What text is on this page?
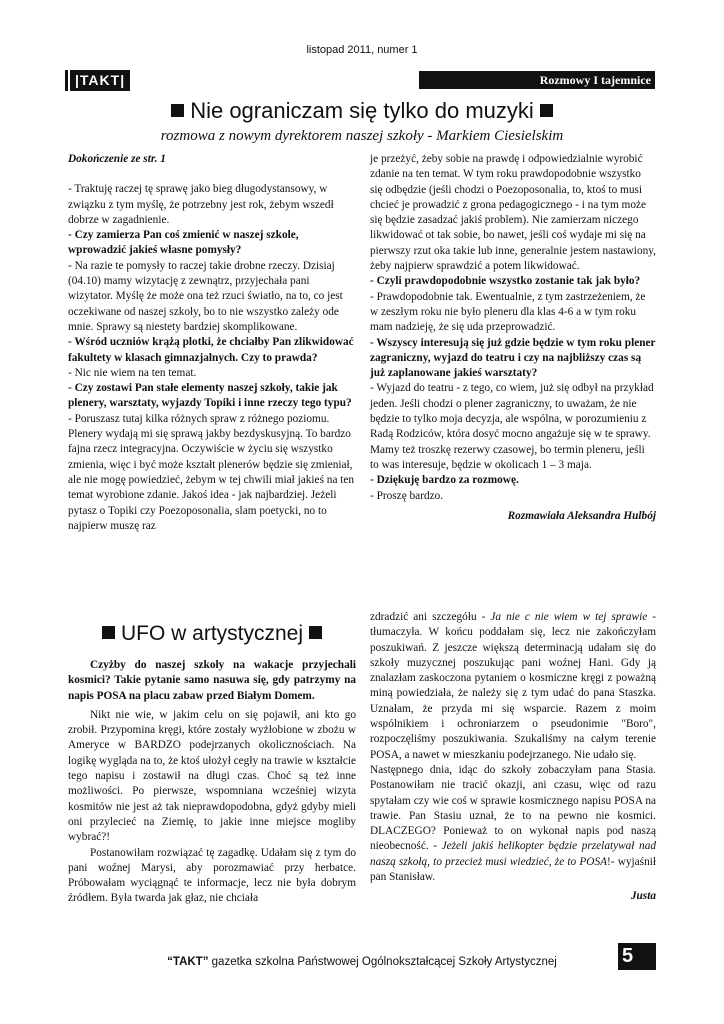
listopad 2011, numer 1
|TAKT|	Rozmowy I tajemnice
Nie ograniczam się tylko do muzyki
rozmowa z nowym dyrektorem naszej szkoły - Markiem Ciesielskim

Dokończenie ze str. 1

- Traktuję raczej tę sprawę jako bieg długodystansowy, w związku z tym myślę, że potrzebny jest rok, żebym wszedł dobrze w zagadnienie.

- Czy zamierza Pan coś zmienić w naszej szkole, wprowadzić jakieś własne pomysły?

- Na razie te pomysły to raczej takie drobne rzeczy. Dzisiaj (04.10) mamy wizytację z zewnątrz, przyjechała pani wizytator. Myślę że może ona też rzuci światło, na to, co jest oczekiwane od naszej szkoły, bo to nie wszystko zależy ode mnie. Sprawy są niestety bardziej skomplikowane.

- Wśród uczniów krążą plotki, że chciałby Pan zlikwidować fakultety w klasach gimnazjalnych. Czy to prawda?

- Nic nie wiem na ten temat.

- Czy zostawi Pan stałe elementy naszej szkoły, takie jak plenery, warsztaty, wyjazdy Topiki i inne rzeczy tego typu?

- Poruszasz tutaj kilka różnych spraw z różnego poziomu. Plenery wydają mi się sprawą jakby bezdyskusyjną. To bardzo fajna rzecz integracyjna. Oczywiście w życiu się wszystko zmienia, więc i być może kształt plenerów będzie się zmieniał, ale nie mogę powiedzieć, żebym w tej chwili miał jakieś na ten temat wyrobione zdanie. Jakoś idea - jak najbardziej. Jeżeli pytasz o Topiki czy Poezoposonalia, slam poetycki, no to najpierw muszę raz

je przeżyć, żeby sobie na prawdę i odpowiedzialnie wyrobić zdanie na ten temat. W tym roku prawdopodobnie wszystko się odbędzie (jeśli chodzi o Poezoposonalia, to, ktoś to musi chcieć je prowadzić z grona pedagogicznego - i na tym może się będzie zasadzać jakiś problem). Nie zamierzam niczego likwidować ot tak sobie, bo nawet, jeśli coś wydaje mi się na pierwszy rzut oka takie lub inne, generalnie jestem nastawiony, żeby najpierw sprawdzić a potem likwidować.

- Czyli prawdopodobnie wszystko zostanie tak jak było?

- Prawdopodobnie tak. Ewentualnie, z tym zastrzeżeniem, że w zeszłym roku nie było pleneru dla klas 4-6 a w tym roku mam nadzieję, że się uda przeprowadzić.

- Wszyscy interesują się już gdzie będzie w tym roku plener zagraniczny, wyjazd do teatru i czy na najbliższy czas są już zaplanowane jakieś warsztaty?

- Wyjazd do teatru - z tego, co wiem, już się odbył na przykład jeden. Jeśli chodzi o plener zagraniczny, to uważam, że nie będzie to tylko moja decyzja, ale wspólna, w porozumieniu z Radą Rodziców, która dosyć mocno angażuje się w te sprawy. Mamy też troszkę rezerwy czasowej, bo termin pleneru, jeśli to was interesuje, będzie w okolicach 1 – 3 maja.

- Dziękuję bardzo za rozmowę.

- Proszę bardzo.

Rozmawiała Aleksandra Hulbój

UFO w artystycznej

Czyżby do naszej szkoły na wakacje przyjechali kosmici? Takie pytanie samo nasuwa się, gdy patrzymy na napis POSA na placu zabaw przed Białym Domem.

Nikt nie wie, w jakim celu on się pojawił, ani kto go zrobił. Przypomina kręgi, które zostały wyżłobione w zbożu w Ameryce w BARDZO podejrzanych okolicznościach. Na logikę wygląda na to, że ktoś ułożył cegły na trawie w kształcie tego napisu i zostawił na długi czas. Choć są też inne możliwości. Po pierwsze, wspomniana wcześniej wizyta kosmitów nie jest aż tak nieprawdopodobna, gdyż gdyby mieli oni przylecieć na Ziemię, to jakie inne miejsce mogliby wybrać?!

Postanowiłam rozwiązać tę zagadkę. Udałam się z tym do pani woźnej Marysi, aby porozmawiać przy herbatce. Próbowałam wyciągnąć te informacje, lecz nie była dobrym źródłem. Była twarda jak głaz, nie chciała

zdradzić ani szczegółu - Ja nie c nie wiem w tej sprawie - tłumaczyła. W końcu poddałam się, lecz nie zakończyłam poszukiwań. Z jeszcze większą determinacją udałam się do szkoły muzycznej poszukując pani woźnej Hani. Gdy ją znalazłam zaskoczona pytaniem o kosmiczne kręgi z poważną miną powiedziała, że należy się z tym udać do pana Staszka. Uznałam, że przyda mi się wsparcie. Razem z moim wspólnikiem i ochroniarzem o pseudonimie "Boro", rozpoczęliśmy poszukiwania. Szukaliśmy na całym terenie POSA, a nawet w mieszkaniu podejrzanego. Nie udało się.

Następnego dnia, idąc do szkoły zobaczyłam pana Stasia. Postanowiłam nie tracić okazji, ani czasu, więc od razu spytałam czy wie coś w sprawie kosmicznego napisu POSA na trawie. Pan Stasiu uznał, że to na pewno nie kosmici. DLACZEGO? Ponieważ to on wykonał napis pod naszą nieobecność. - Jeżeli jakiś helikopter będzie przelatywał nad naszą szkołą, to przecież musi wiedzieć, że to POSA!- wyjaśnił pan Stanisław.

Justa

“TAKT” gazetka szkolna Państwowej Ogólnokształcącej Szkoły Artystycznej	5
